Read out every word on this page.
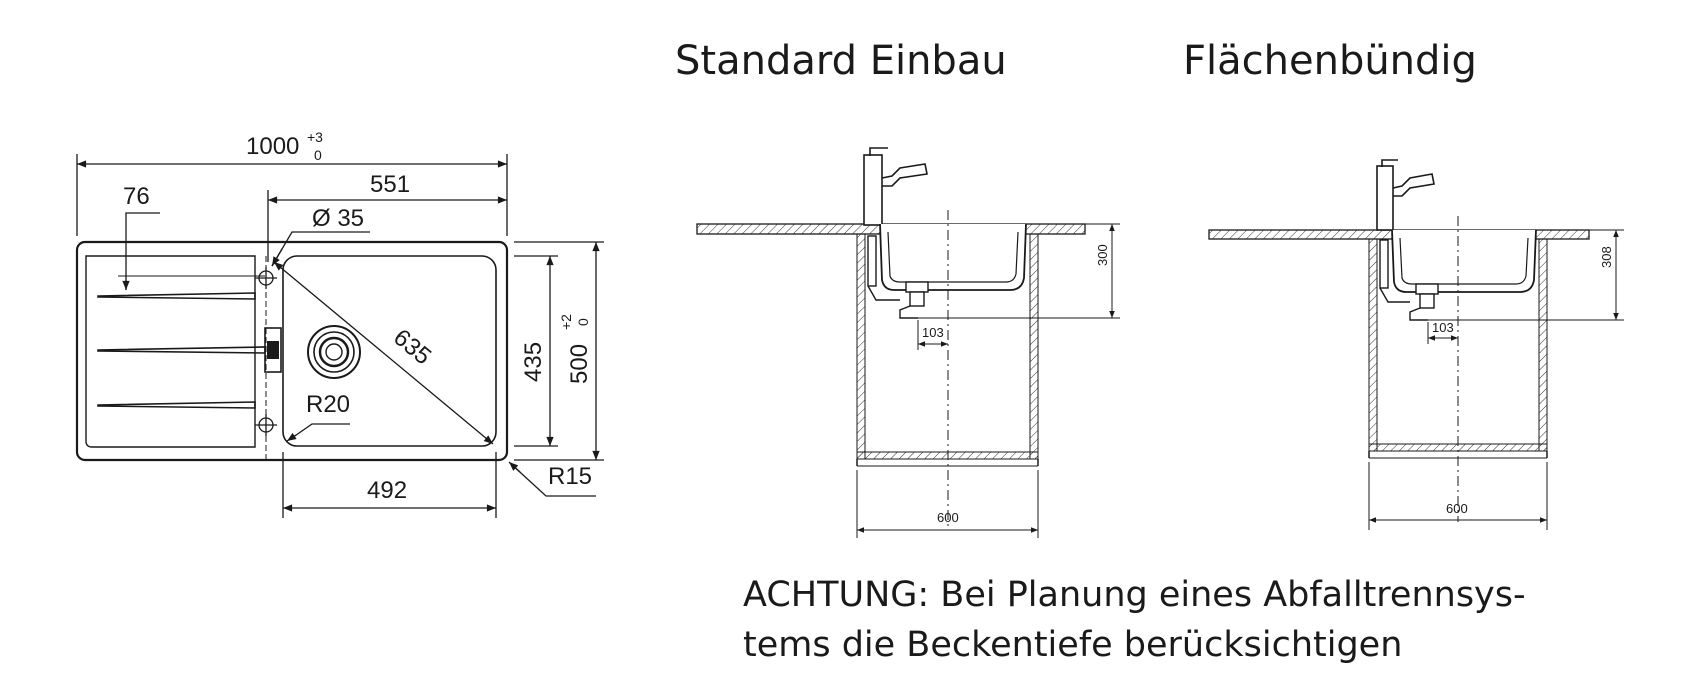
Standard Einbau	Flächenbündig
ACHTUNG: Bei Planung eines Abfalltrennsys-
tems die Beckentiefe berücksichtigen
1000 +3
0
551
76
Ø 35
635	435 500
+2 0
R20
R15
492
300
103
600
308
103
600
